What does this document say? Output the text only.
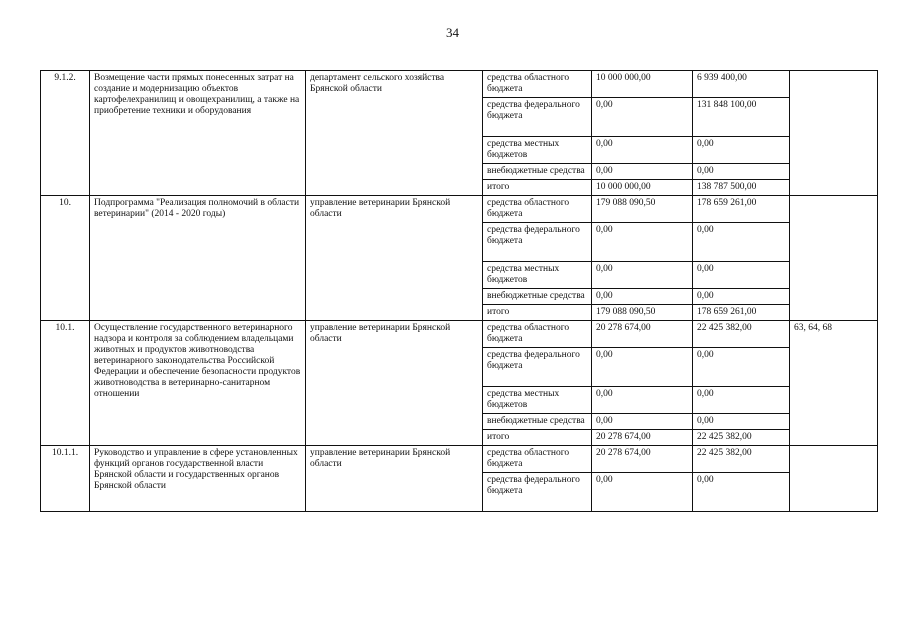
34
9.1.2.	Возмещение части прямых понесенных затрат на создание и модернизацию объектов картофелехранилищ и овощехранилищ, а также на приобретение техники и оборудования	департамент сельского хозяйства Брянской области	средства областного бюджета	10 000 000,00	6 939 400,00	
			средства федерального бюджета	0,00	131 848 100,00	
			средства местных бюджетов	0,00	0,00	
			внебюджетные средства	0,00	0,00	
			итого	10 000 000,00	138 787 500,00	
10.	Подпрограмма "Реализация полномочий в области ветеринарии" (2014 - 2020 годы)	управление ветеринарии Брянской области	средства областного бюджета	179 088 090,50	178 659 261,00	
			средства федерального бюджета	0,00	0,00	
			средства местных бюджетов	0,00	0,00	
			внебюджетные средства	0,00	0,00	
			итого	179 088 090,50	178 659 261,00	
10.1.	Осуществление государственного ветеринарного надзора и контроля за соблюдением владельцами животных и продуктов животноводства ветеринарного законодательства Российской Федерации и обеспечение безопасности продуктов животноводства в ветеринарно-санитарном отношении	управление ветеринарии Брянской области	средства областного бюджета	20 278 674,00	22 425 382,00	63, 64, 68
			средства федерального бюджета	0,00	0,00	
			средства местных бюджетов	0,00	0,00	
			внебюджетные средства	0,00	0,00	
			итого	20 278 674,00	22 425 382,00	
10.1.1.	Руководство и управление в сфере установленных функций органов государственной власти Брянской области и государственных органов Брянской области	управление ветеринарии Брянской области	средства областного бюджета	20 278 674,00	22 425 382,00	
			средства федерального бюджета	0,00	0,00	
